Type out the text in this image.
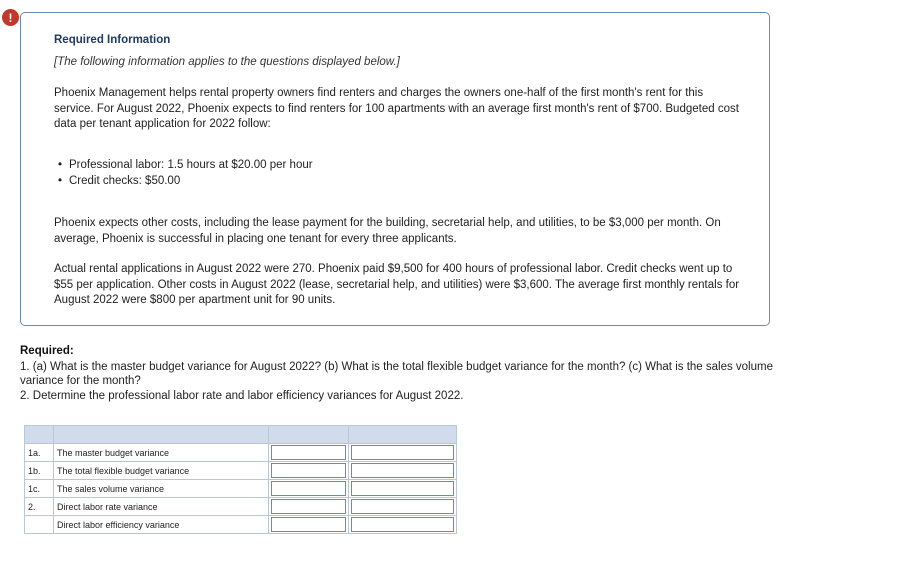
!
Required Information
[The following information applies to the questions displayed below.]
Phoenix Management helps rental property owners find renters and charges the owners one-half of the first month's rent for this service. For August 2022, Phoenix expects to find renters for 100 apartments with an average first month's rent of $700. Budgeted cost data per tenant application for 2022 follow:
• Professional labor: 1.5 hours at $20.00 per hour
• Credit checks: $50.00
Phoenix expects other costs, including the lease payment for the building, secretarial help, and utilities, to be $3,000 per month. On average, Phoenix is successful in placing one tenant for every three applicants.
Actual rental applications in August 2022 were 270. Phoenix paid $9,500 for 400 hours of professional labor. Credit checks went up to $55 per application. Other costs in August 2022 (lease, secretarial help, and utilities) were $3,600. The average first monthly rentals for August 2022 were $800 per apartment unit for 90 units.
Required:
1. (a) What is the master budget variance for August 2022? (b) What is the total flexible budget variance for the month? (c) What is the sales volume variance for the month?
2. Determine the professional labor rate and labor efficiency variances for August 2022.

1a.	The master budget variance	

1b.	The total flexible budget variance	

1c.	The sales volume variance	

2.	Direct labor rate variance	

	Direct labor efficiency variance	
